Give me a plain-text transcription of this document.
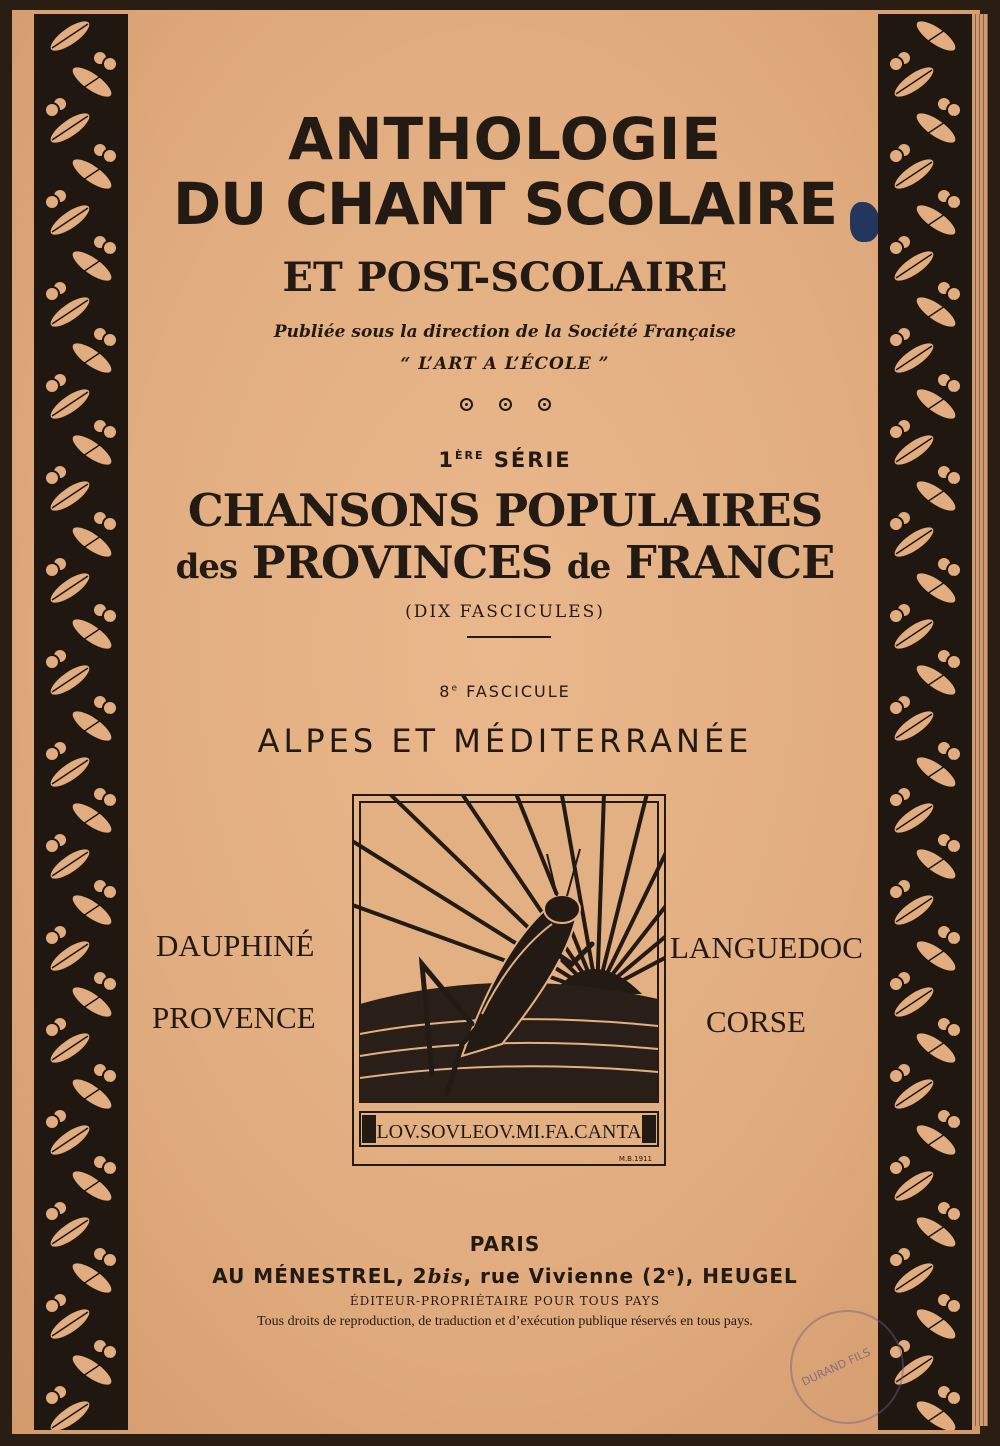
ANTHOLOGIE
DU CHANT SCOLAIRE
ET POST-SCOLAIRE
Publiée sous la direction de la Société Française
“ L’ART A L’ÉCOLE ”
1ÈRE SÉRIE
CHANSONS POPULAIRES
des PROVINCES de FRANCE
(DIX FASCICULES)
8e FASCICULE
ALPES ET MÉDITERRANÉE
DAUPHINÉ
PROVENCE
LANGUEDOC
CORSE
LOV.SOVLEOV.MI.FA.CANTA
M.B.1911
PARIS
AU MÉNESTREL, 2bis, rue Vivienne (2e), HEUGEL
ÉDITEUR-PROPRIÉTAIRE POUR TOUS PAYS
Tous droits de reproduction, de traduction et d’exécution publique réservés en tous pays.
DURAND FILS
